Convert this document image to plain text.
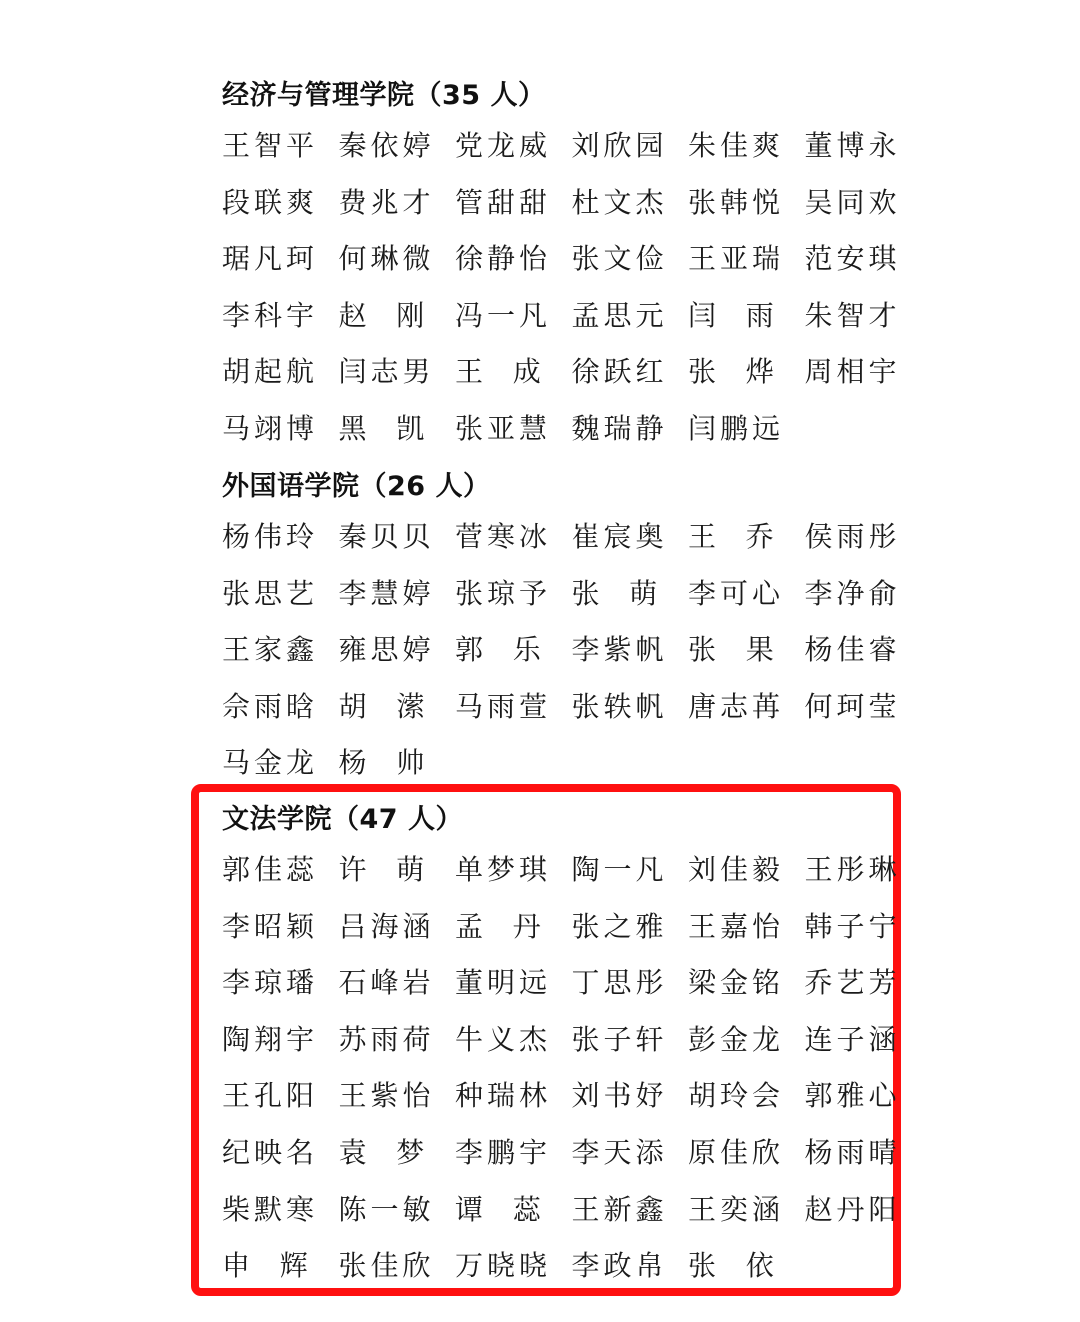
经济与管理学院（35 人）
王智平 秦依婷 党龙威 刘欣园 朱佳爽 董博永
段联爽 费兆才 管甜甜 杜文杰 张韩悦 吴同欢
琚凡珂 何琳微 徐静怡 张文俭 王亚瑞 范安琪
李科宇 赵  刚 冯一凡 孟思元 闫  雨 朱智才
胡起航 闫志男 王  成 徐跃红 张  烨 周相宇
马翊博 黑  凯 张亚慧 魏瑞静 闫鹏远
外国语学院（26 人）
杨伟玲 秦贝贝 菅寒冰 崔宸奥 王  乔 侯雨彤
张思艺 李慧婷 张琼予 张  萌 李可心 李净俞
王家鑫 雍思婷 郭  乐 李紫帆 张  果 杨佳睿
佘雨晗 胡  潆 马雨萱 张轶帆 唐志苒 何珂莹
马金龙 杨  帅
文法学院（47 人）
郭佳蕊 许  萌 单梦琪 陶一凡 刘佳毅 王彤琳
李昭颖 吕海涵 孟  丹 张之雅 王嘉怡 韩子宁
李琼璠 石峰岩 董明远 丁思彤 梁金铭 乔艺芳
陶翔宇 苏雨荷 牛义杰 张子轩 彭金龙 连子涵
王孔阳 王紫怡 种瑞林 刘书妤 胡玲会 郭雅心
纪映名 袁  梦 李鹏宇 李天添 原佳欣 杨雨晴
柴默寒 陈一敏 谭  蕊 王新鑫 王奕涵 赵丹阳
申  辉 张佳欣 万晓晓 李政帛 张  依
